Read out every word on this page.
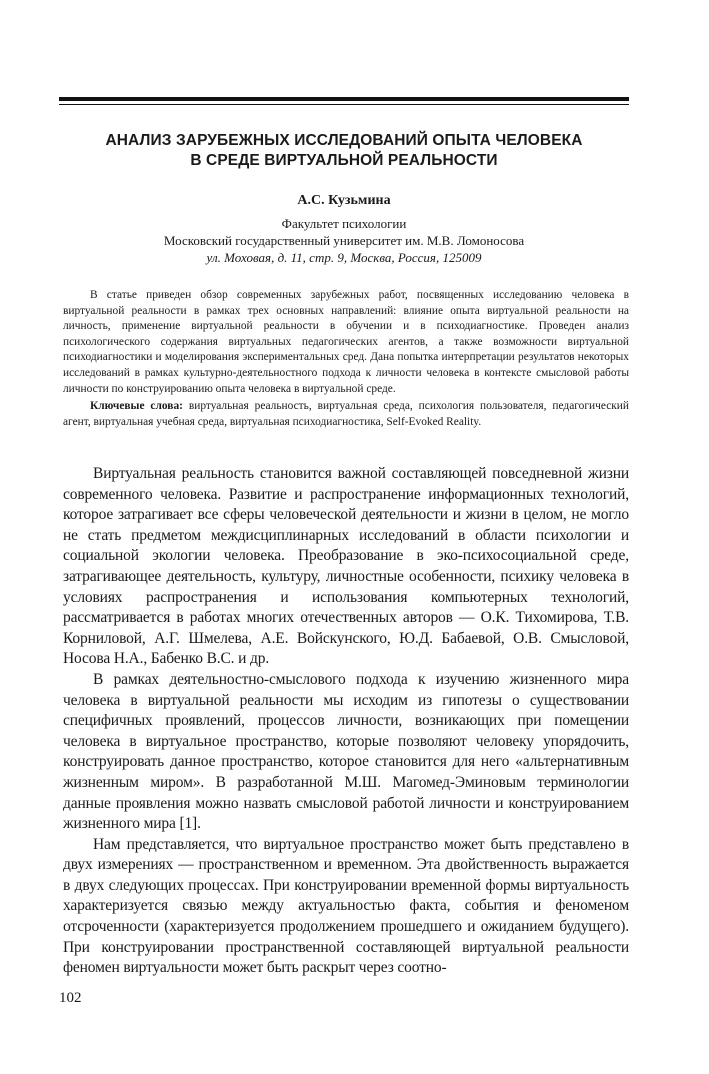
АНАЛИЗ ЗАРУБЕЖНЫХ ИССЛЕДОВАНИЙ ОПЫТА ЧЕЛОВЕКА
В СРЕДЕ ВИРТУАЛЬНОЙ РЕАЛЬНОСТИ
А.С. Кузьмина
Факультет психологии
Московский государственный университет им. М.В. Ломоносова
ул. Моховая, д. 11, стр. 9, Москва, Россия, 125009

В статье приведен обзор современных зарубежных работ, посвященных исследованию человека в виртуальной реальности в рамках трех основных направлений: влияние опыта виртуальной реальности на личность, применение виртуальной реальности в обучении и в психодиагностике. Проведен анализ психологического содержания виртуальных педагогических агентов, а также возможности виртуальной психодиагностики и моделирования экспериментальных сред. Дана попытка интерпретации результатов некоторых исследований в рамках культурно-деятельностного подхода к личности человека в контексте смысловой работы личности по конструированию опыта человека в виртуальной среде.

Ключевые слова: виртуальная реальность, виртуальная среда, психология пользователя, педагогический агент, виртуальная учебная среда, виртуальная психодиагностика, Self-Evoked Reality.

Виртуальная реальность становится важной составляющей повседневной жизни современного человека. Развитие и распространение информационных технологий, которое затрагивает все сферы человеческой деятельности и жизни в целом, не могло не стать предметом междисциплинарных исследований в области психологии и социальной экологии человека. Преобразование в эко-психосоциальной среде, затрагивающее деятельность, культуру, личностные особенности, психику человека в условиях распространения и использования компьютерных технологий, рассматривается в работах многих отечественных авторов — О.К. Тихомирова, Т.В. Корниловой, А.Г. Шмелева, А.Е. Войскунского, Ю.Д. Бабаевой, О.В. Смысловой, Носова Н.А., Бабенко В.С. и др.

В рамках деятельностно-смыслового подхода к изучению жизненного мира человека в виртуальной реальности мы исходим из гипотезы о существовании специфичных проявлений, процессов личности, возникающих при помещении человека в виртуальное пространство, которые позволяют человеку упорядочить, конструировать данное пространство, которое становится для него «альтернативным жизненным миром». В разработанной М.Ш. Магомед-Эминовым терминологии данные проявления можно назвать смысловой работой личности и конструированием жизненного мира [1].

Нам представляется, что виртуальное пространство может быть представлено в двух измерениях — пространственном и временном. Эта двойственность выражается в двух следующих процессах. При конструировании временной формы виртуальность характеризуется связью между актуальностью факта, события и феноменом отсроченности (характеризуется продолжением прошедшего и ожиданием будущего). При конструировании пространственной составляющей виртуальной реальности феномен виртуальности может быть раскрыт через соотно-

102
